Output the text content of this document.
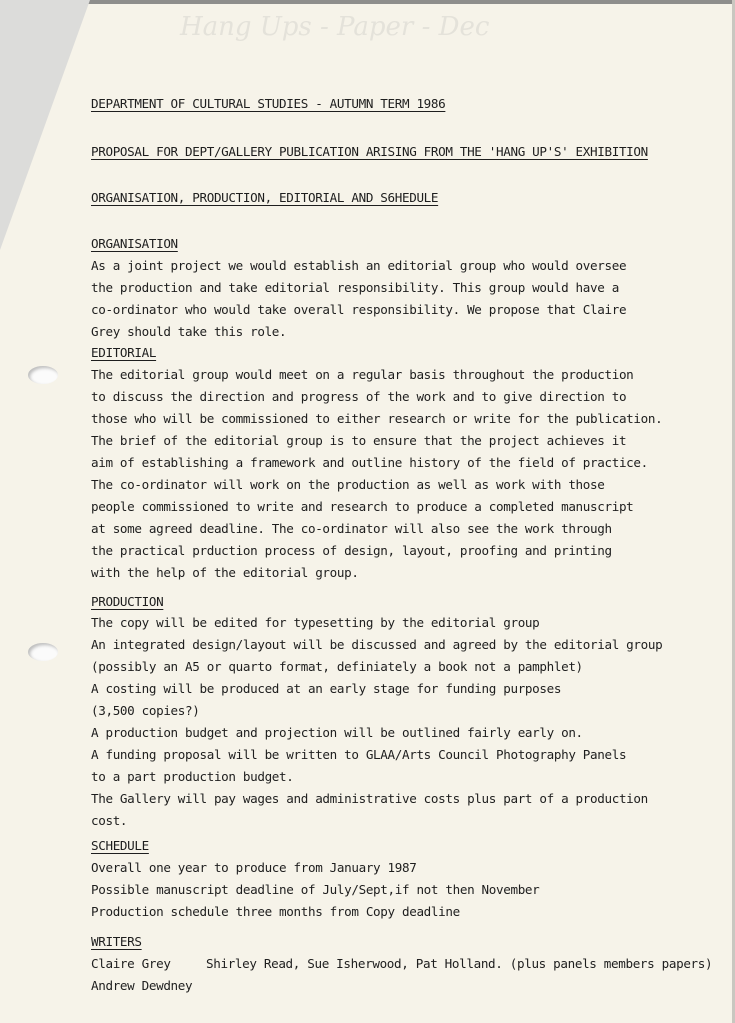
Hang Ups - Paper - Dec
DEPARTMENT OF CULTURAL STUDIES - AUTUMN TERM 1986
PROPOSAL FOR DEPT/GALLERY PUBLICATION ARISING FROM THE 'HANG UP'S' EXHIBITION
ORGANISATION, PRODUCTION, EDITORIAL AND S6HEDULE
ORGANISATION
As a joint project we would establish an editorial group who would oversee
the production and take editorial responsibility. This group would have a
co-ordinator who would take overall responsibility. We propose that Claire
Grey should take this role.
EDITORIAL
The editorial group would meet on a regular basis throughout the production
to discuss the direction and progress of the work and to give direction to
those who will be commissioned to either research or write for the publication.
The brief of the editorial group is to ensure that the project achieves it
aim of establishing a framework and outline history of the field of practice.
The co-ordinator will work on the production as well as work with those
people commissioned to write and research to produce a completed manuscript
at some agreed deadline. The co-ordinator will also see the work through
the practical prduction process of design, layout, proofing and printing
with the help of the editorial group.
PRODUCTION
The copy will be edited for typesetting by the editorial group
An integrated design/layout will be discussed and agreed by the editorial group
(possibly an A5 or quarto format, definiately a book not a pamphlet)
A costing will be produced at an early stage for funding purposes
(3,500 copies?)
A production budget and projection will be outlined fairly early on.
A funding proposal will be written to GLAA/Arts Council Photography Panels
to a part production budget.
The Gallery will pay wages and administrative costs plus part of a production
cost.
SCHEDULE
Overall one year to produce from January 1987
Possible manuscript deadline of July/Sept,if not then November
Production schedule three months from Copy deadline
WRITERS
Claire Grey	Shirley Read, Sue Isherwood, Pat Holland. (plus panels members papers)
Andrew Dewdney
